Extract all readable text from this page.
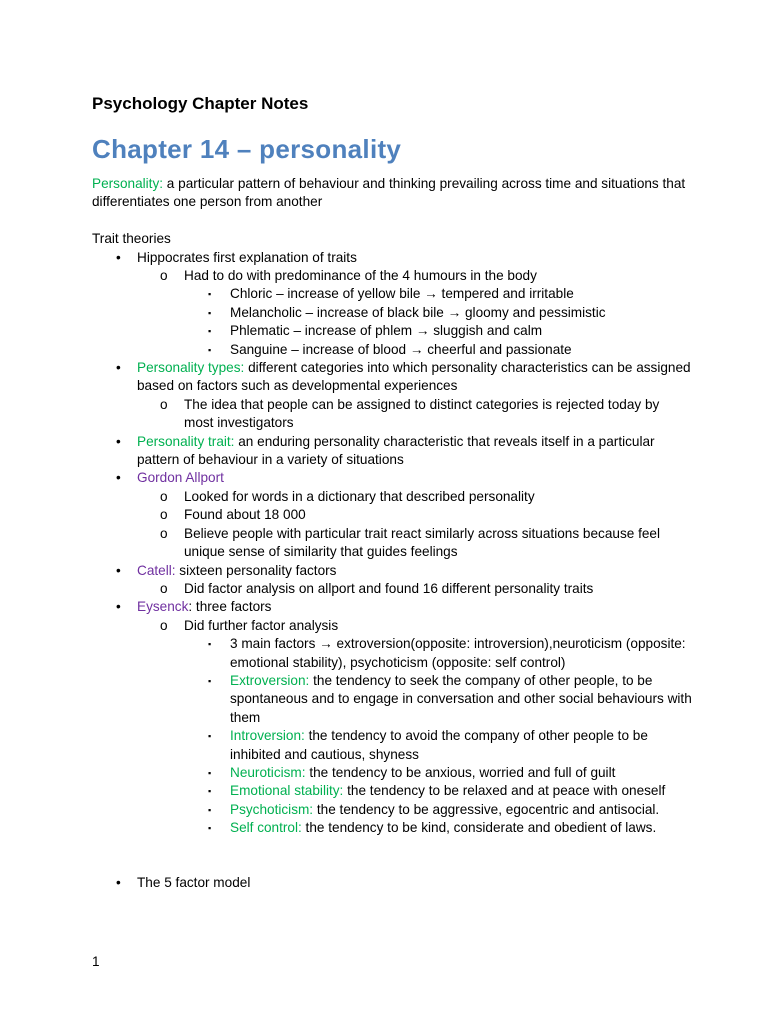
Psychology Chapter Notes
Chapter 14 – personality

Personality: a particular pattern of behaviour and thinking prevailing across time and situations that differentiates one person from another

Trait theories

• Hippocrates first explanation of traits
o Had to do with predominance of the 4 humours in the body
▪ Chloric – increase of yellow bile → tempered and irritable
▪ Melancholic – increase of black bile → gloomy and pessimistic
▪ Phlematic – increase of phlem → sluggish and calm
▪ Sanguine – increase of blood → cheerful and passionate
• Personality types: different categories into which personality characteristics can be assigned based on factors such as developmental experiences
o The idea that people can be assigned to distinct categories is rejected today by most investigators
• Personality trait: an enduring personality characteristic that reveals itself in a particular pattern of behaviour in a variety of situations
• Gordon Allport
o Looked for words in a dictionary that described personality
o Found about 18 000
o Believe people with particular trait react similarly across situations because feel unique sense of similarity that guides feelings
• Catell: sixteen personality factors
o Did factor analysis on allport and found 16 different personality traits
• Eysenck: three factors
o Did further factor analysis
▪ 3 main factors → extroversion(opposite: introversion),neuroticism (opposite: emotional stability), psychoticism (opposite: self control)
▪ Extroversion: the tendency to seek the company of other people, to be spontaneous and to engage in conversation and other social behaviours with them
▪ Introversion: the tendency to avoid the company of other people to be inhibited and cautious, shyness
▪ Neuroticism: the tendency to be anxious, worried and full of guilt
▪ Emotional stability: the tendency to be relaxed and at peace with oneself
▪ Psychoticism: the tendency to be aggressive, egocentric and antisocial.
▪ Self control: the tendency to be kind, considerate and obedient of laws.
• The 5 factor model
1
